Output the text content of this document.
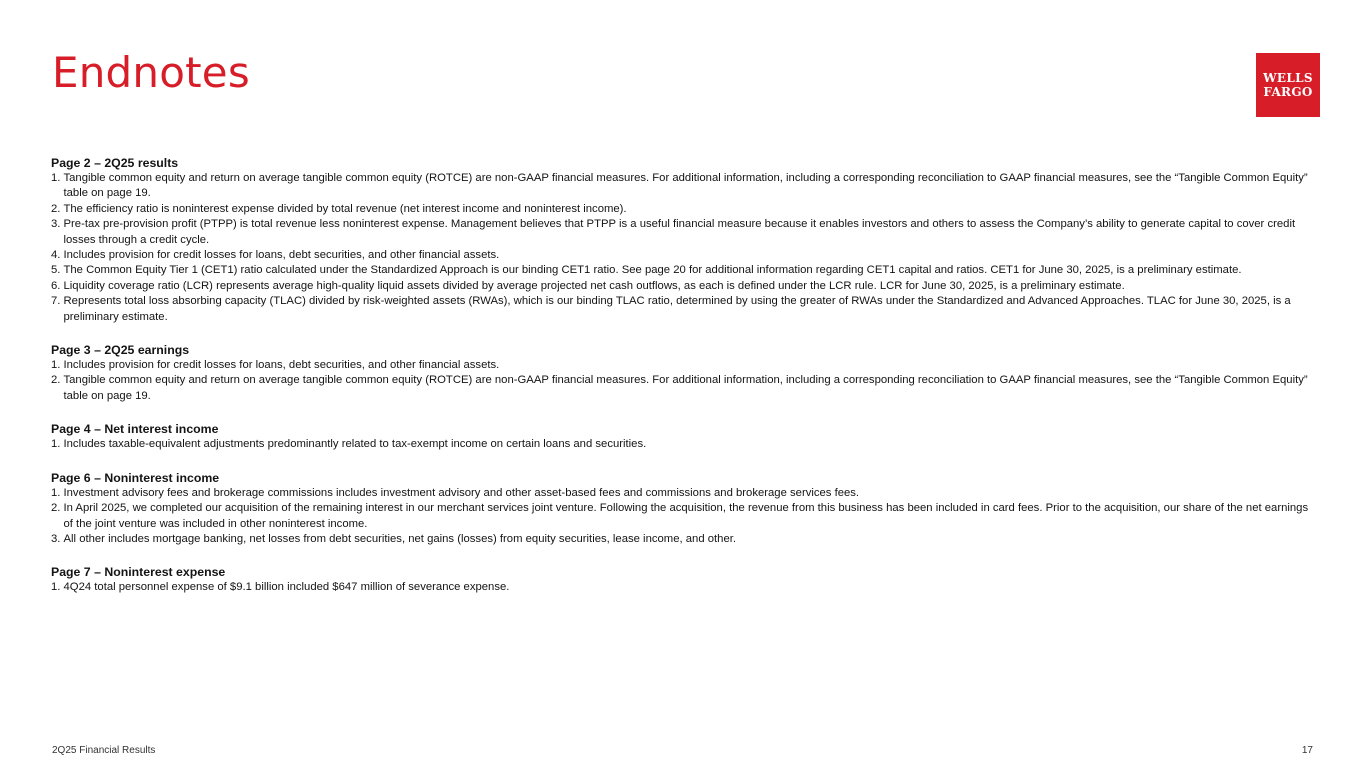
Endnotes	WELLS
FARGO
Page 2 – 2Q25 results
1. Tangible common equity and return on average tangible common equity (ROTCE) are non-GAAP financial measures. For additional information, including a corresponding reconciliation to GAAP financial measures, see the “Tangible Common Equity” table on page 19.
2. The efficiency ratio is noninterest expense divided by total revenue (net interest income and noninterest income).
3. Pre-tax pre-provision profit (PTPP) is total revenue less noninterest expense. Management believes that PTPP is a useful financial measure because it enables investors and others to assess the Company’s ability to generate capital to cover credit losses through a credit cycle.
4. Includes provision for credit losses for loans, debt securities, and other financial assets.
5. The Common Equity Tier 1 (CET1) ratio calculated under the Standardized Approach is our binding CET1 ratio. See page 20 for additional information regarding CET1 capital and ratios. CET1 for June 30, 2025, is a preliminary estimate.
6. Liquidity coverage ratio (LCR) represents average high-quality liquid assets divided by average projected net cash outflows, as each is defined under the LCR rule. LCR for June 30, 2025, is a preliminary estimate.
7. Represents total loss absorbing capacity (TLAC) divided by risk-weighted assets (RWAs), which is our binding TLAC ratio, determined by using the greater of RWAs under the Standardized and Advanced Approaches. TLAC for June 30, 2025, is a preliminary estimate.
Page 3 – 2Q25 earnings
1. Includes provision for credit losses for loans, debt securities, and other financial assets.
2. Tangible common equity and return on average tangible common equity (ROTCE) are non-GAAP financial measures. For additional information, including a corresponding reconciliation to GAAP financial measures, see the “Tangible Common Equity” table on page 19.
Page 4 – Net interest income
1. Includes taxable-equivalent adjustments predominantly related to tax-exempt income on certain loans and securities.
Page 6 – Noninterest income
1. Investment advisory fees and brokerage commissions includes investment advisory and other asset-based fees and commissions and brokerage services fees.
2. In April 2025, we completed our acquisition of the remaining interest in our merchant services joint venture. Following the acquisition, the revenue from this business has been included in card fees. Prior to the acquisition, our share of the net earnings of the joint venture was included in other noninterest income.
3. All other includes mortgage banking, net losses from debt securities, net gains (losses) from equity securities, lease income, and other.
Page 7 – Noninterest expense
1. 4Q24 total personnel expense of $9.1 billion included $647 million of severance expense.
2Q25 Financial Results	17
